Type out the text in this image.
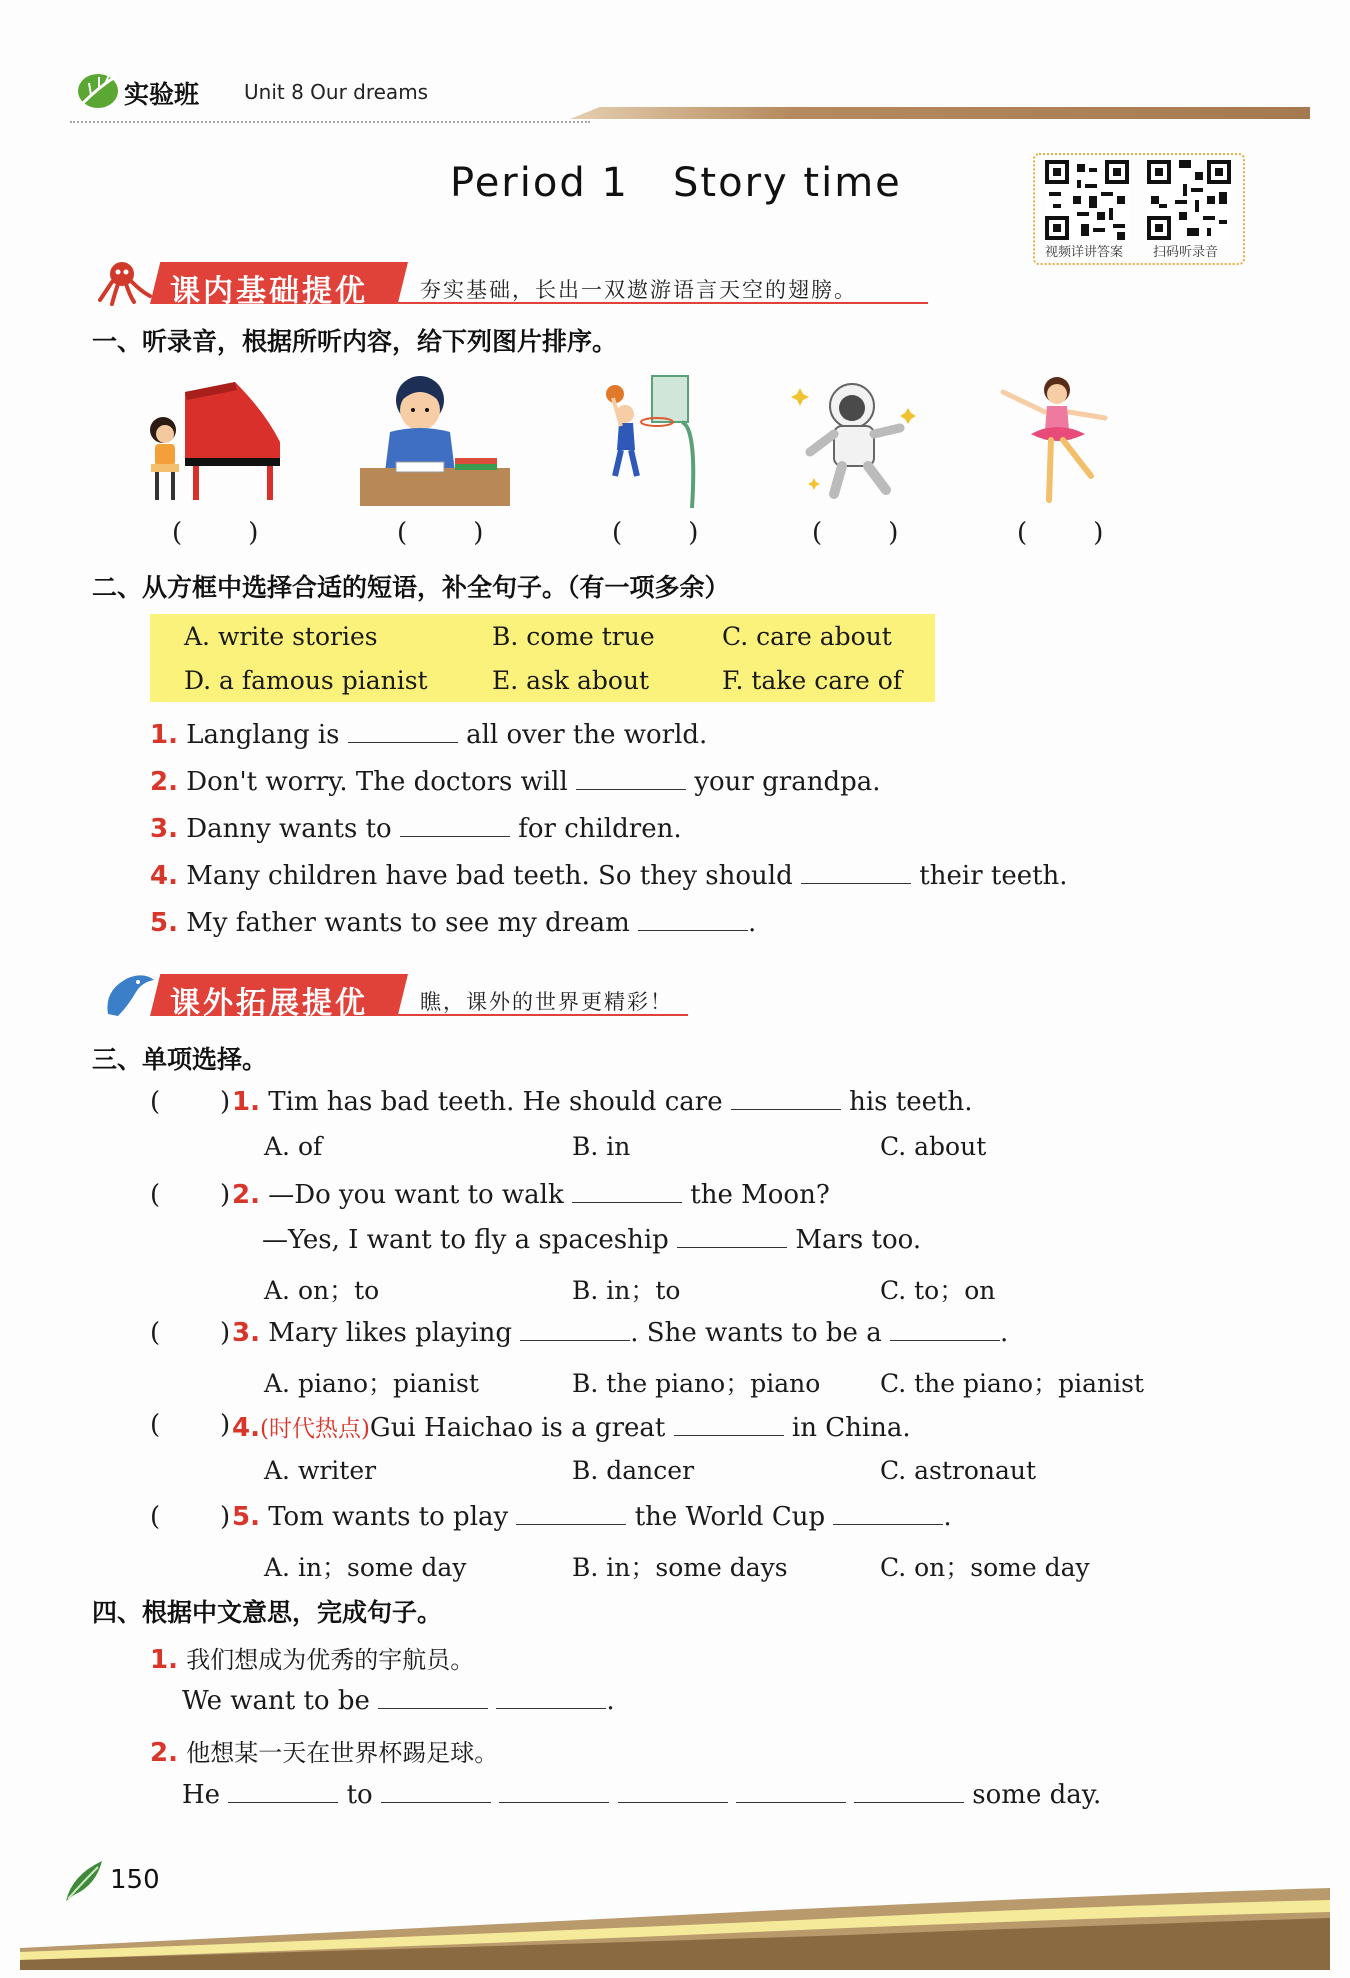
实验班 Unit 8 Our dreams
Period 1   Story time
视频详讲答案 扫码听录音
课内基础提优 夯实基础，长出一双遨游语言天空的翅膀。
一、听录音，根据所听内容，给下列图片排序。
(        )	(        )	(        )	(        )	(        )
二、从方框中选择合适的短语，补全句子。（有一项多余）
A. write stories	B. come true	C. care about
D. a famous pianist	E. ask about	F. take care of
1. Langlang is	all over the world.
2. Don't worry. The doctors will	your grandpa.
3. Danny wants to	for children.
4. Many children have bad teeth. So they should	their teeth.
5. My father wants to see my dream	.
课外拓展提优 瞧，课外的世界更精彩！
三、单项选择。
( ) 1. Tim has bad teeth. He should care	his teeth.
A. of	B. in	C. about
( ) 2. —Do you want to walk	the Moon?
—Yes, I want to fly a spaceship	Mars too.
A. on；to	B. in；to	C. to；on
( ) 3. Mary likes playing	. She wants to be a	.
A. piano；pianist	B. the piano；piano C. the piano；pianist
( ) 4.(时代热点)Gui Haichao is a great	in China.
A. writer	B. dancer	C. astronaut
( ) 5. Tom wants to play	the World Cup	.
A. in；some day	B. in；some days	C. on；some day
四、根据中文意思，完成句子。
1. 我们想成为优秀的宇航员。
We want to be	.
2. 他想某一天在世界杯踢足球。
He	to	some day.
150
